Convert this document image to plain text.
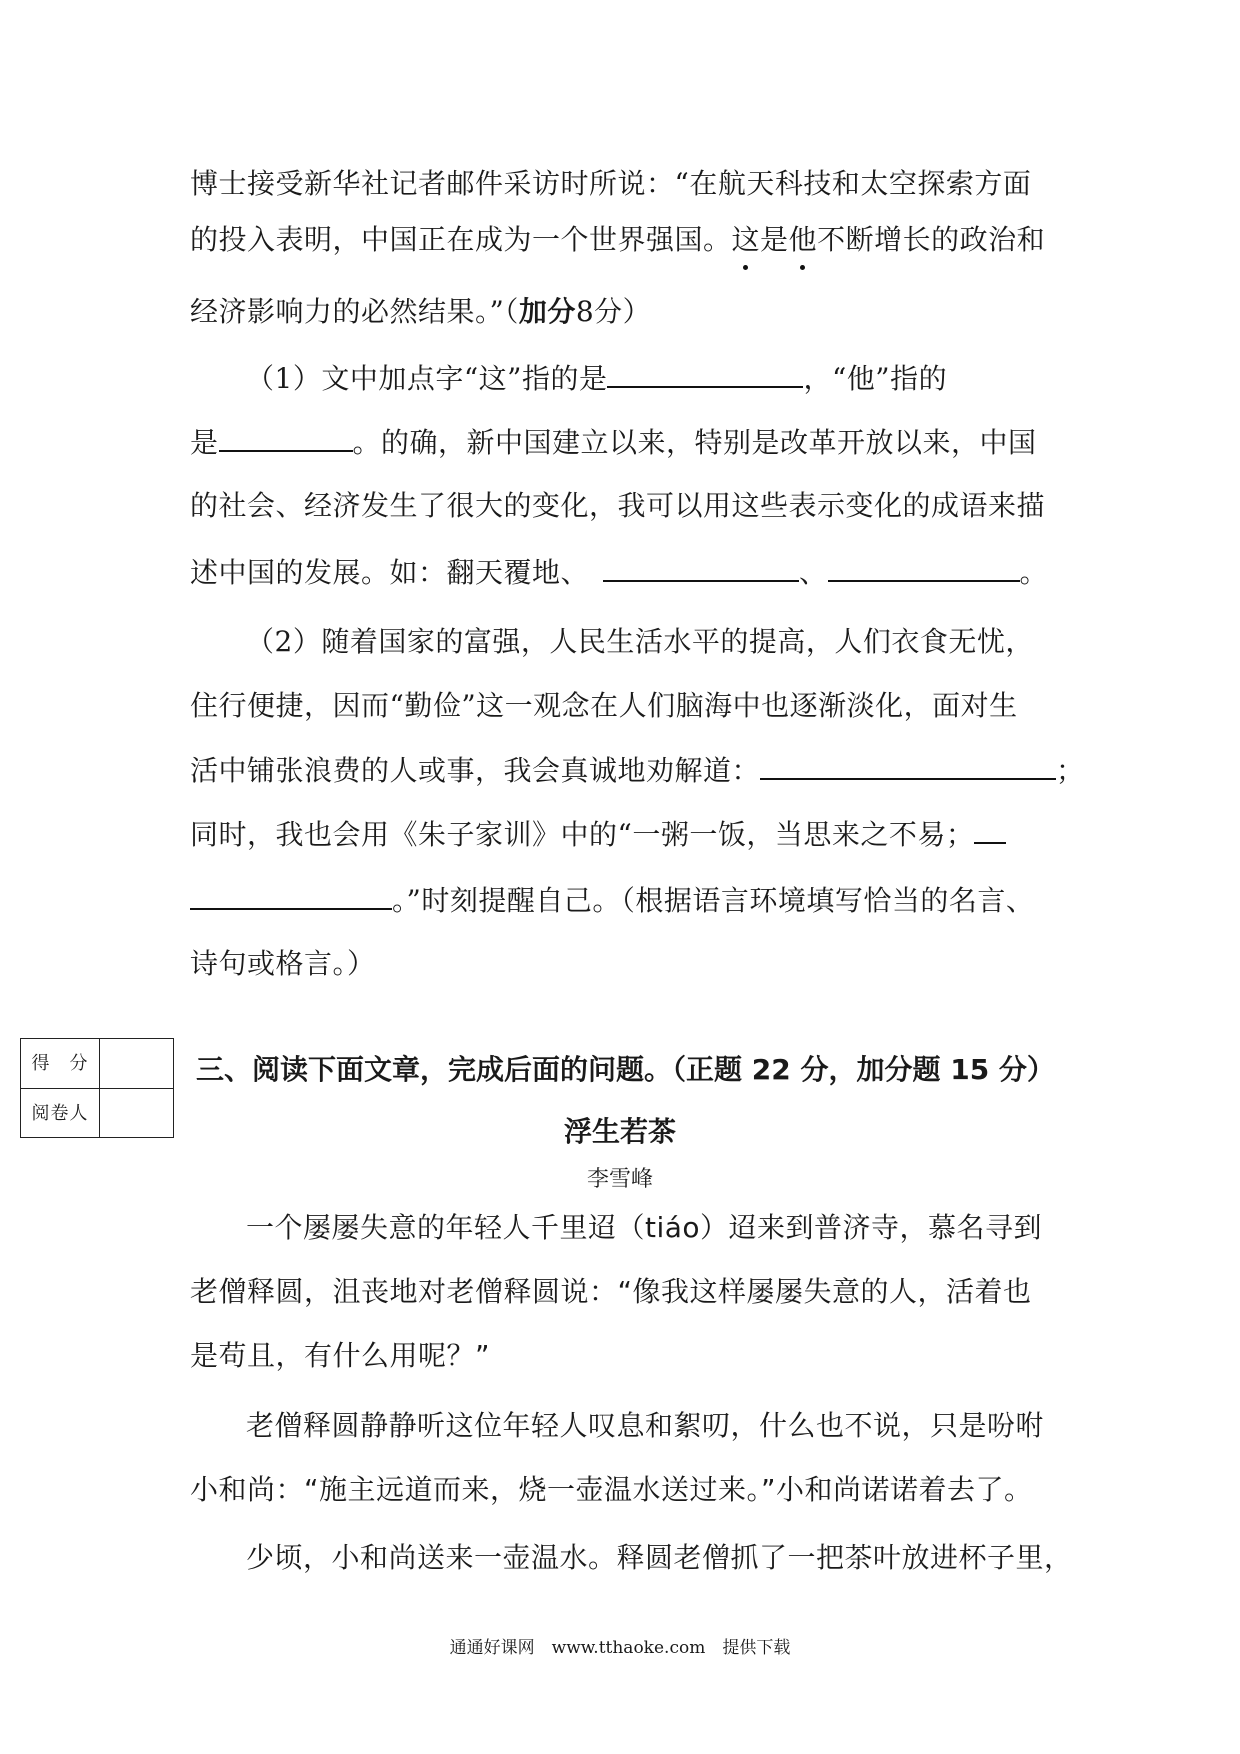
博士接受新华社记者邮件采访时所说：“在航天科技和太空探索方面
的投入表明，中国正在成为一个世界强国。这是他不断增长的政治和
经济影响力的必然结果。”（加分8分）
（1）文中加点字“这”指的是	，“他”指的
是	。的确，新中国建立以来，特别是改革开放以来，中国
的社会、经济发生了很大的变化，我可以用这些表示变化的成语来描
述中国的发展。如：翻天覆地、	、	。
（2）随着国家的富强，人民生活水平的提高，人们衣食无忧，
住行便捷，因而“勤俭”这一观念在人们脑海中也逐渐淡化，面对生
活中铺张浪费的人或事，我会真诚地劝解道：	；
同时，我也会用《朱子家训》中的“一粥一饭，当思来之不易；
。”时刻提醒自己。（根据语言环境填写恰当的名言、
诗句或格言。）
得　分
阅卷人
三、阅读下面文章，完成后面的问题。（正题 22 分，加分题 15 分）
浮生若茶
李雪峰
一个屡屡失意的年轻人千里迢（tiáo）迢来到普济寺，慕名寻到
老僧释圆，沮丧地对老僧释圆说：“像我这样屡屡失意的人，活着也
是苟且，有什么用呢？”
老僧释圆静静听这位年轻人叹息和絮叨，什么也不说，只是吩咐
小和尚：“施主远道而来，烧一壶温水送过来。”小和尚诺诺着去了。
少顷，小和尚送来一壶温水。释圆老僧抓了一把茶叶放进杯子里，
通通好课网　www.tthaoke.com　提供下载
